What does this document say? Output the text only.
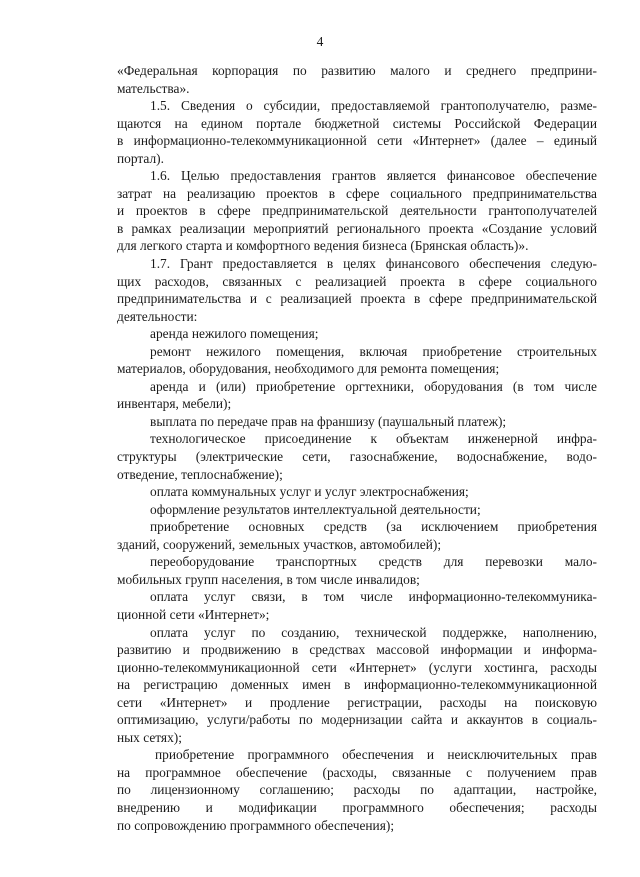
4
«Федеральная корпорация по развитию малого и среднего предприни-
мательства».
1.5. Сведения о субсидии, предоставляемой грантополучателю, разме-
щаются на едином портале бюджетной системы Российской Федерации
в информационно-телекоммуникационной сети «Интернет» (далее – единый
портал).
1.6. Целью предоставления грантов является финансовое обеспечение
затрат на реализацию проектов в сфере социального предпринимательства
и проектов в сфере предпринимательской деятельности грантополучателей
в рамках реализации мероприятий регионального проекта «Создание условий
для легкого старта и комфортного ведения бизнеса (Брянская область)».
1.7. Грант предоставляется в целях финансового обеспечения следую-
щих расходов, связанных с реализацией проекта в сфере социального
предпринимательства и с реализацией проекта в сфере предпринимательской
деятельности:
аренда нежилого помещения;
ремонт нежилого помещения, включая приобретение строительных
материалов, оборудования, необходимого для ремонта помещения;
аренда и (или) приобретение оргтехники, оборудования (в том числе
инвентаря, мебели);
выплата по передаче прав на франшизу (паушальный платеж);
технологическое присоединение к объектам инженерной инфра-
структуры (электрические сети, газоснабжение, водоснабжение, водо-
отведение, теплоснабжение);
оплата коммунальных услуг и услуг электроснабжения;
оформление результатов интеллектуальной деятельности;
приобретение основных средств (за исключением приобретения
зданий, сооружений, земельных участков, автомобилей);
переоборудование транспортных средств для перевозки мало-
мобильных групп населения, в том числе инвалидов;
оплата услуг связи, в том числе информационно-телекоммуника-
ционной сети «Интернет»;
оплата услуг по созданию, технической поддержке, наполнению,
развитию и продвижению в средствах массовой информации и информа-
ционно-телекоммуникационной сети «Интернет» (услуги хостинга, расходы
на регистрацию доменных имен в информационно-телекоммуникационной
сети «Интернет» и продление регистрации, расходы на поисковую
оптимизацию, услуги/работы по модернизации сайта и аккаунтов в социаль-
ных сетях);
приобретение программного обеспечения и неисключительных прав
на программное обеспечение (расходы, связанные с получением прав
по лицензионному соглашению; расходы по адаптации, настройке,
внедрению и модификации программного обеспечения; расходы
по сопровождению программного обеспечения);
